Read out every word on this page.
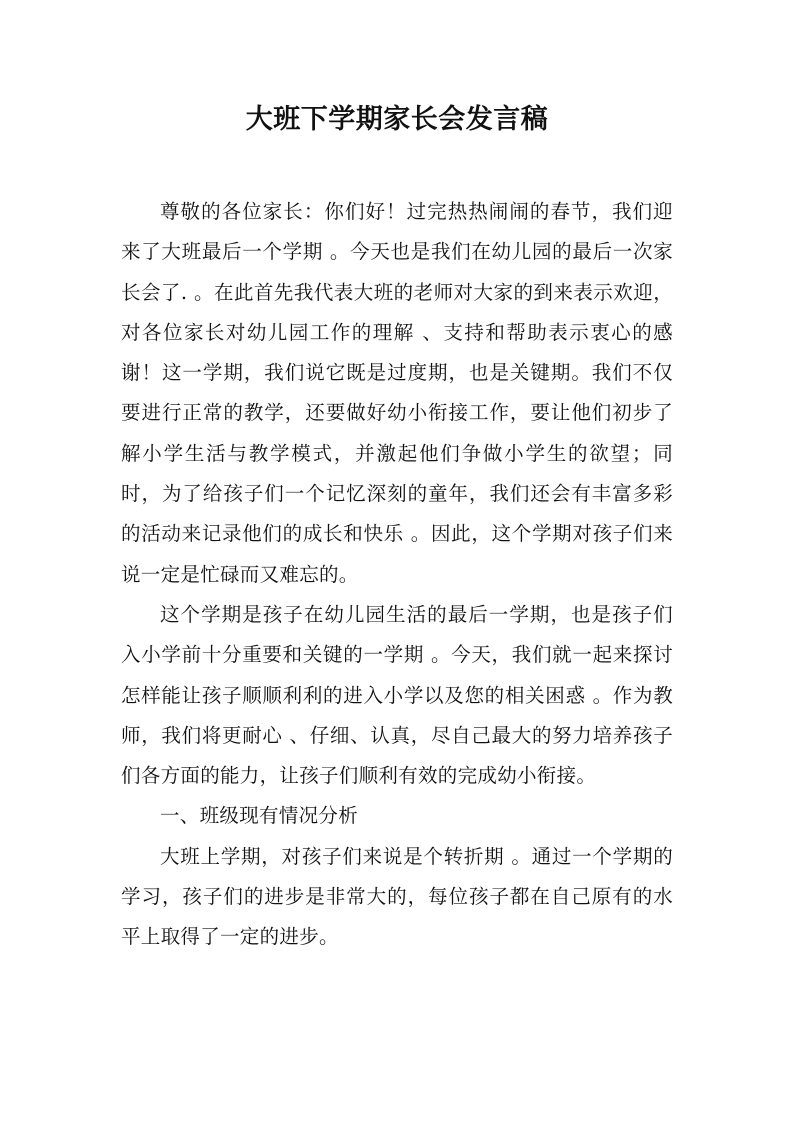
大班下学期家长会发言稿

尊敬的各位家长：你们好！过完热热闹闹的春节，我们迎来了大班最后一个学期 。今天也是我们在幼儿园的最后一次家长会了. 。在此首先我代表大班的老师对大家的到来表示欢迎，对各位家长对幼儿园工作的理解 、支持和帮助表示衷心的感谢！这一学期，我们说它既是过度期，也是关键期。我们不仅要进行正常的教学，还要做好幼小衔接工作，要让他们初步了解小学生活与教学模式，并激起他们争做小学生的欲望；同时，为了给孩子们一个记忆深刻的童年，我们还会有丰富多彩的活动来记录他们的成长和快乐 。因此，这个学期对孩子们来说一定是忙碌而又难忘的。

这个学期是孩子在幼儿园生活的最后一学期，也是孩子们入小学前十分重要和关键的一学期 。今天，我们就一起来探讨怎样能让孩子顺顺利利的进入小学以及您的相关困惑 。作为教师，我们将更耐心 、仔细、认真，尽自己最大的努力培养孩子们各方面的能力，让孩子们顺利有效的完成幼小衔接。

一、班级现有情况分析

大班上学期，对孩子们来说是个转折期 。通过一个学期的学习，孩子们的进步是非常大的，每位孩子都在自己原有的水平上取得了一定的进步。
